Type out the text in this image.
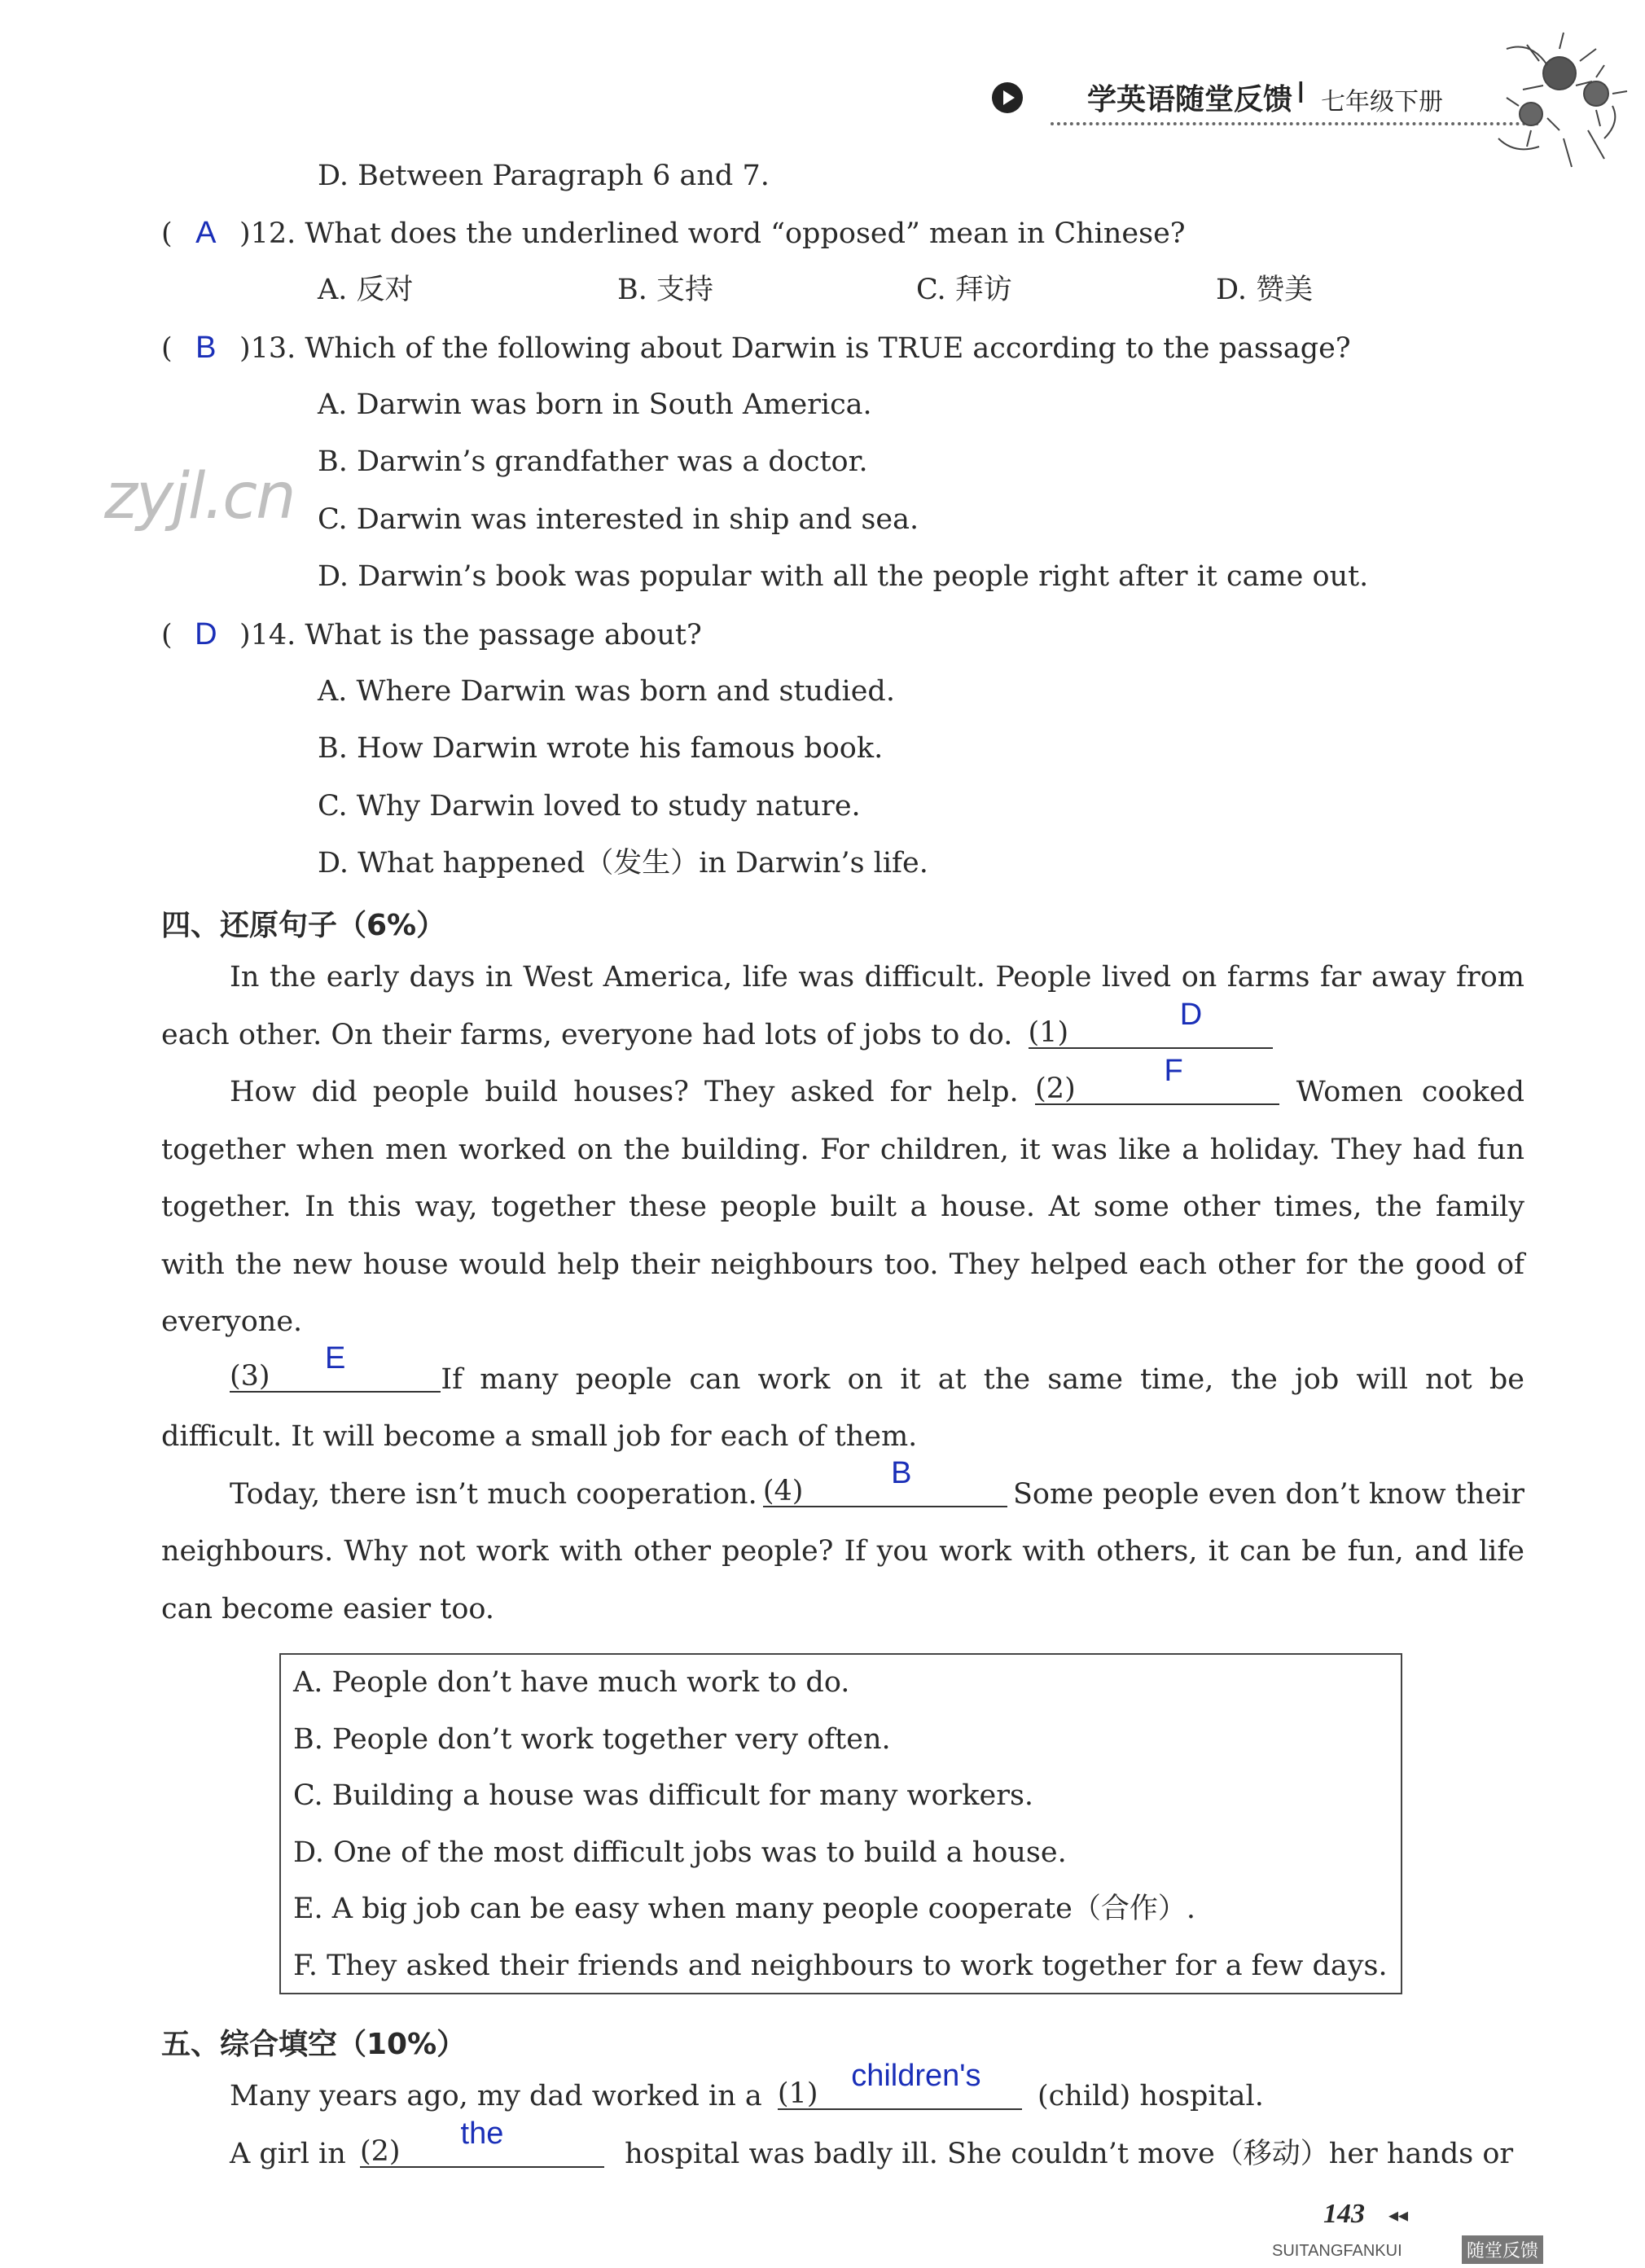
学英语随堂反馈 I 七年级下册
zyjl.cn
D. Between Paragraph 6 and 7.
( A )12. What does the underlined word “opposed” mean in Chinese?
A. 反对	B. 支持	C. 拜访	D. 赞美
( B )13. Which of the following about Darwin is TRUE according to the passage?
A. Darwin was born in South America.
B. Darwin’s grandfather was a doctor.
C. Darwin was interested in ship and sea.
D. Darwin’s book was popular with all the people right after it came out.
( D )14. What is the passage about?
A. Where Darwin was born and studied.
B. How Darwin wrote his famous book.
C. Why Darwin loved to study nature.
D. What happened（发生）in Darwin’s life.
四、还原句子（6%）
In the early days in West America, life was difficult. People lived on farms far away from
each other. On their farms, everyone had lots of jobs to do. (1)
D
How did people build houses? They asked for help. (2)
F
Women cooked
together when men worked on the building. For children, it was like a holiday. They had fun
together. In this way, together these people built a house. At some other times, the family
with the new house would help their neighbours too. They helped each other for the good of
everyone.
(3)
E
If many people can work on it at the same time, the job will not be
difficult. It will become a small job for each of them.
Today, there isn’t much cooperation. (4)
B
Some people even don’t know their
neighbours. Why not work with other people? If you work with others, it can be fun, and life
can become easier too.
A. People don’t have much work to do.
B. People don’t work together very often.
C. Building a house was difficult for many workers.
D. One of the most difficult jobs was to build a house.
E. A big job can be easy when many people cooperate（合作）.
F. They asked their friends and neighbours to work together for a few days.
五、综合填空（10%）
Many years ago, my dad worked in a (1)
children's
(child) hospital.
A girl in (2)
the
hospital was badly ill. She couldn’t move（移动）her hands or
143 ◂◂
SUITANGFANKUI	随堂反馈
